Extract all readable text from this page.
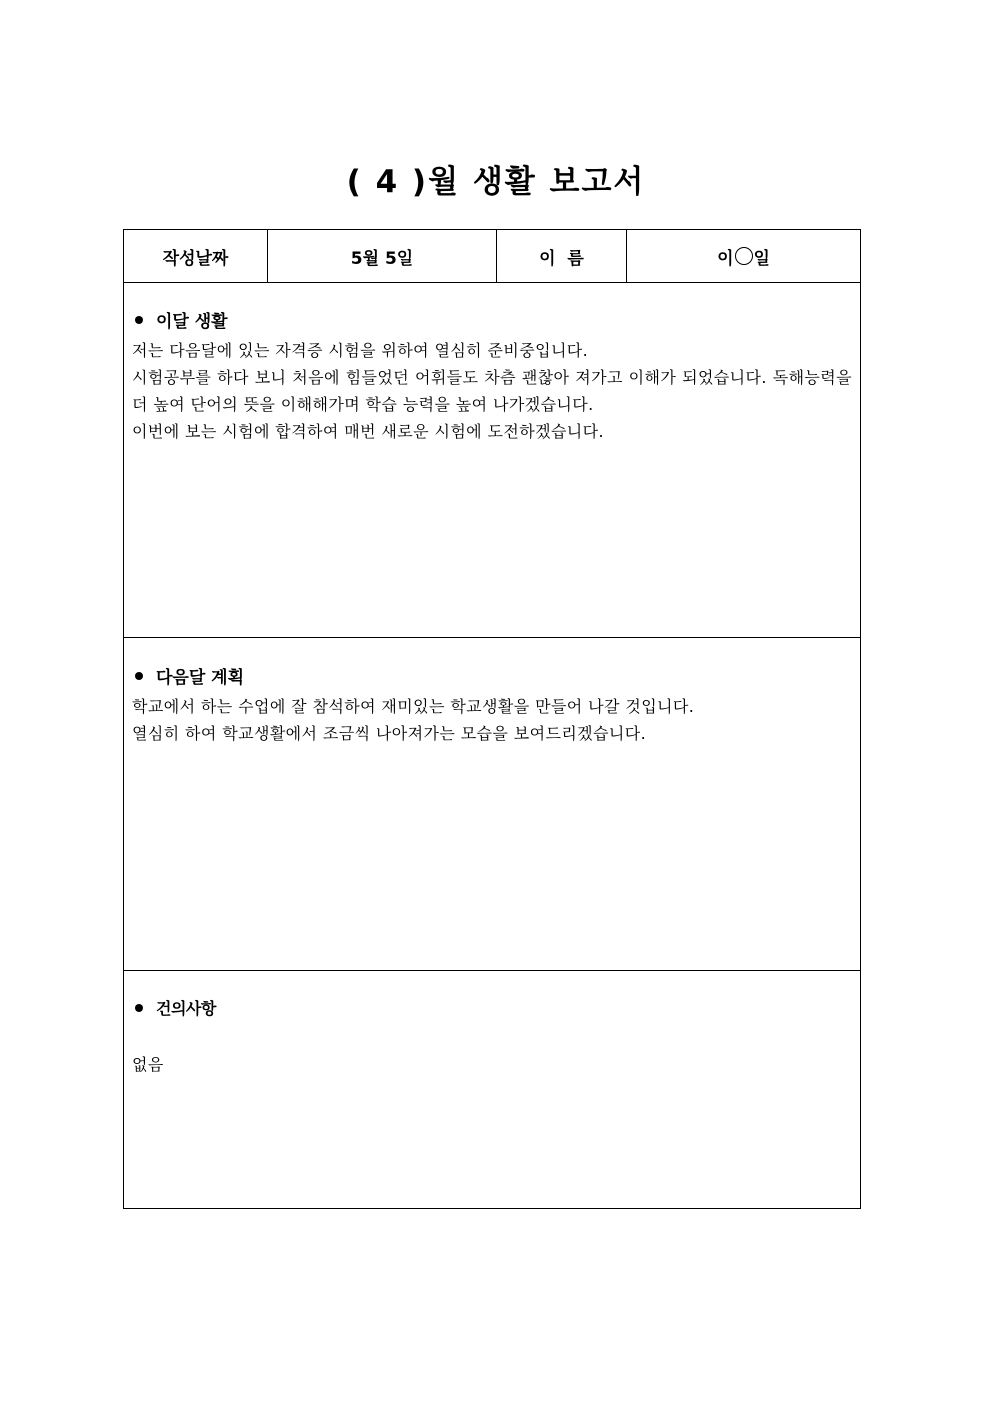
( 4 )월 생활 보고서
작성날짜	5월 5일	이  름	이 일
이달 생활
저는 다음달에 있는 자격증 시험을 위하여 열심히 준비중입니다.
시험공부를 하다 보니 처음에 힘들었던 어휘들도 차츰 괜찮아 져가고 이해가 되었습니다. 독해능력을 더 높여 단어의 뜻을 이해해가며 학습 능력을 높여 나가겠습니다.
이번에 보는 시험에 합격하여 매번 새로운 시험에 도전하겠습니다.
다음달 계획
학교에서 하는 수업에 잘 참석하여 재미있는 학교생활을 만들어 나갈 것입니다.
열심히 하여 학교생활에서 조금씩 나아져가는 모습을 보여드리겠습니다.
건의사항
없음
